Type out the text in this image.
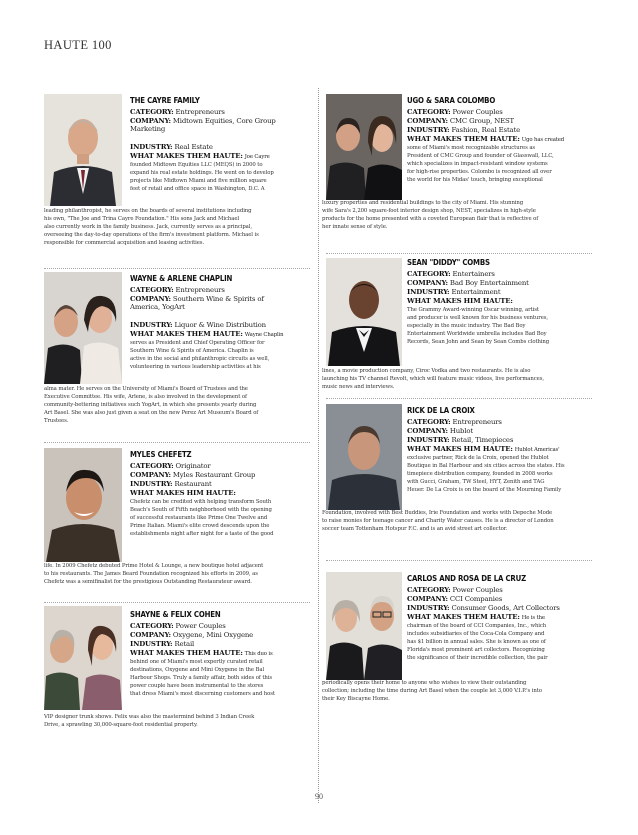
HAUTE 100
THE CAYRE FAMILY
CATEGORY: Entrepreneurs
COMPANY: Midtown Equities, Core Group Marketing
INDUSTRY: Real Estate
WHAT MAKES THEM HAUTE: Joe Cayre
founded Midtown Equities LLC (MEQS) in 2000 to
expand his real estate holdings. He went on to develop
projects like Midtown Miami and five million square
feet of retail and office space in Washington, D.C. A
leading philanthropist, he serves on the boards of several institutions including
his own, "The Joe and Trina Cayre Foundation." His sons Jack and Michael
also currently work in the family business. Jack, currently serves as a principal,
overseeing the day-to-day operations of the firm's investment platform. Michael is
responsible for commercial acquisition and leasing activities.
WAYNE & ARLENE CHAPLIN
CATEGORY: Entrepreneurs
COMPANY: Southern Wine & Spirits of America, YogArt
INDUSTRY: Liquor & Wine Distribution
WHAT MAKES THEM HAUTE: Wayne Chaplin
serves as President and Chief Operating Officer for
Southern Wine & Spirits of America. Chaplin is
active in the social and philanthropic circuits as well,
volunteering in various leadership activities at his
alma mater. He serves on the University of Miami's Board of Trustees and the
Executive Committee. His wife, Arlene, is also involved in the development of
community-bettering initiatives such YogArt, in which she presents yearly during
Art Basel. She was also just given a seat on the new Perez Art Museum's Board of
Trustees.
MYLES CHEFETZ
CATEGORY: Originator
COMPANY: Myles Restaurant Group
INDUSTRY: Restaurant
WHAT MAKES HIM HAUTE:
Chefetz can be credited with helping transform South
Beach's South of Fifth neighborhood with the opening
of successful restaurants like Prime One Twelve and
Prime Italian. Miami's elite crowd descends upon the
establishments night after night for a taste of the good
life. In 2009 Chefetz debuted Prime Hotel & Lounge, a new boutique hotel adjacent
to his restaurants. The James Beard Foundation recognized his efforts in 2009, as
Chefetz was a semifinalist for the prestigious Outstanding Restaurateur award.
SHAYNE & FELIX COHEN
CATEGORY: Power Couples
COMPANY: Oxygene, Mini Oxygene
INDUSTRY: Retail
WHAT MAKES THEM HAUTE: This duo is
behind one of Miami's most expertly curated retail
destinations, Oxygene and Mini Oxygene in the Bal
Harbour Shops. Truly a family affair, both sides of this
power couple have been instrumental to the stores
that dress Miami's most discerning customers and host
VIP designer trunk shows. Felix was also the mastermind behind 3 Indian Creek
Drive, a sprawling 30,000-square-foot residential property.
UGO & SARA COLOMBO
CATEGORY: Power Couples
COMPANY: CMC Group, NEST
INDUSTRY: Fashion, Real Estate
WHAT MAKES THEM HAUTE: Ugo has created
some of Miami's most recognizable structures as
President of CMC Group and founder of Glasswall, LLC,
which specializes in impact-resistant window systems
for high-rise properties. Colombo is recognized all over
the world for his Midas' touch, bringing exceptional
luxury properties and residential buildings to the city of Miami. His stunning
wife Sara's 2,200 square-foot interior design shop, NEST, specializes in high-style
products for the home presented with a coveted European flair that is reflective of
her innate sense of style.
SEAN "DIDDY" COMBS
CATEGORY: Entertainers
COMPANY: Bad Boy Entertainment
INDUSTRY: Entertainment
WHAT MAKES HIM HAUTE:
The Grammy Award-winning Oscar winning, artist
and producer is well known for his business ventures,
especially in the music industry. The Bad Boy
Entertainment Worldwide umbrella includes Bad Boy
Records, Sean John and Sean by Sean Combs clothing
lines, a movie production company, Ciroc Vodka and two restaurants. He is also
launching his TV channel Revolt, which will feature music videos, live performances,
music news and interviews.
RICK DE LA CROIX
CATEGORY: Entrepreneurs
COMPANY: Hublot
INDUSTRY: Retail, Timepieces
WHAT MAKES HIM HAUTE: Hublot Americas'
exclusive partner, Rick de la Croix, opened the Hublot
Boutique in Bal Harbour and six cities across the states. His
timepiece distribution company, founded in 2008 works
with Gucci, Graham, TW Steel, HYT, Zenith and TAG
Heuer. De La Croix is on the board of the Mourning Family
Foundation, involved with Best Buddies, Irie Foundation and works with Depeche Mode
to raise monies for teenage cancer and Charity Water causes. He is a director of London
soccer team Tottenham Hotspur F.C. and is an avid street art collector.
CARLOS AND ROSA DE LA CRUZ
CATEGORY: Power Couples
COMPANY: CCI Companies
INDUSTRY: Consumer Goods, Art Collectors
WHAT MAKES THEM HAUTE: He is the
chairman of the board of CCI Companies, Inc., which
includes subsidiaries of the Coca-Cola Company and
has $1 billion in annual sales. She is known as one of
Florida's most prominent art collectors. Recognizing
the significance of their incredible collection, the pair
periodically opens their home to anyone who wishes to view their outstanding
collection; including the time during Art Basel when the couple let 3,000 V.I.P.'s into
their Key Biscayne Home.
90
